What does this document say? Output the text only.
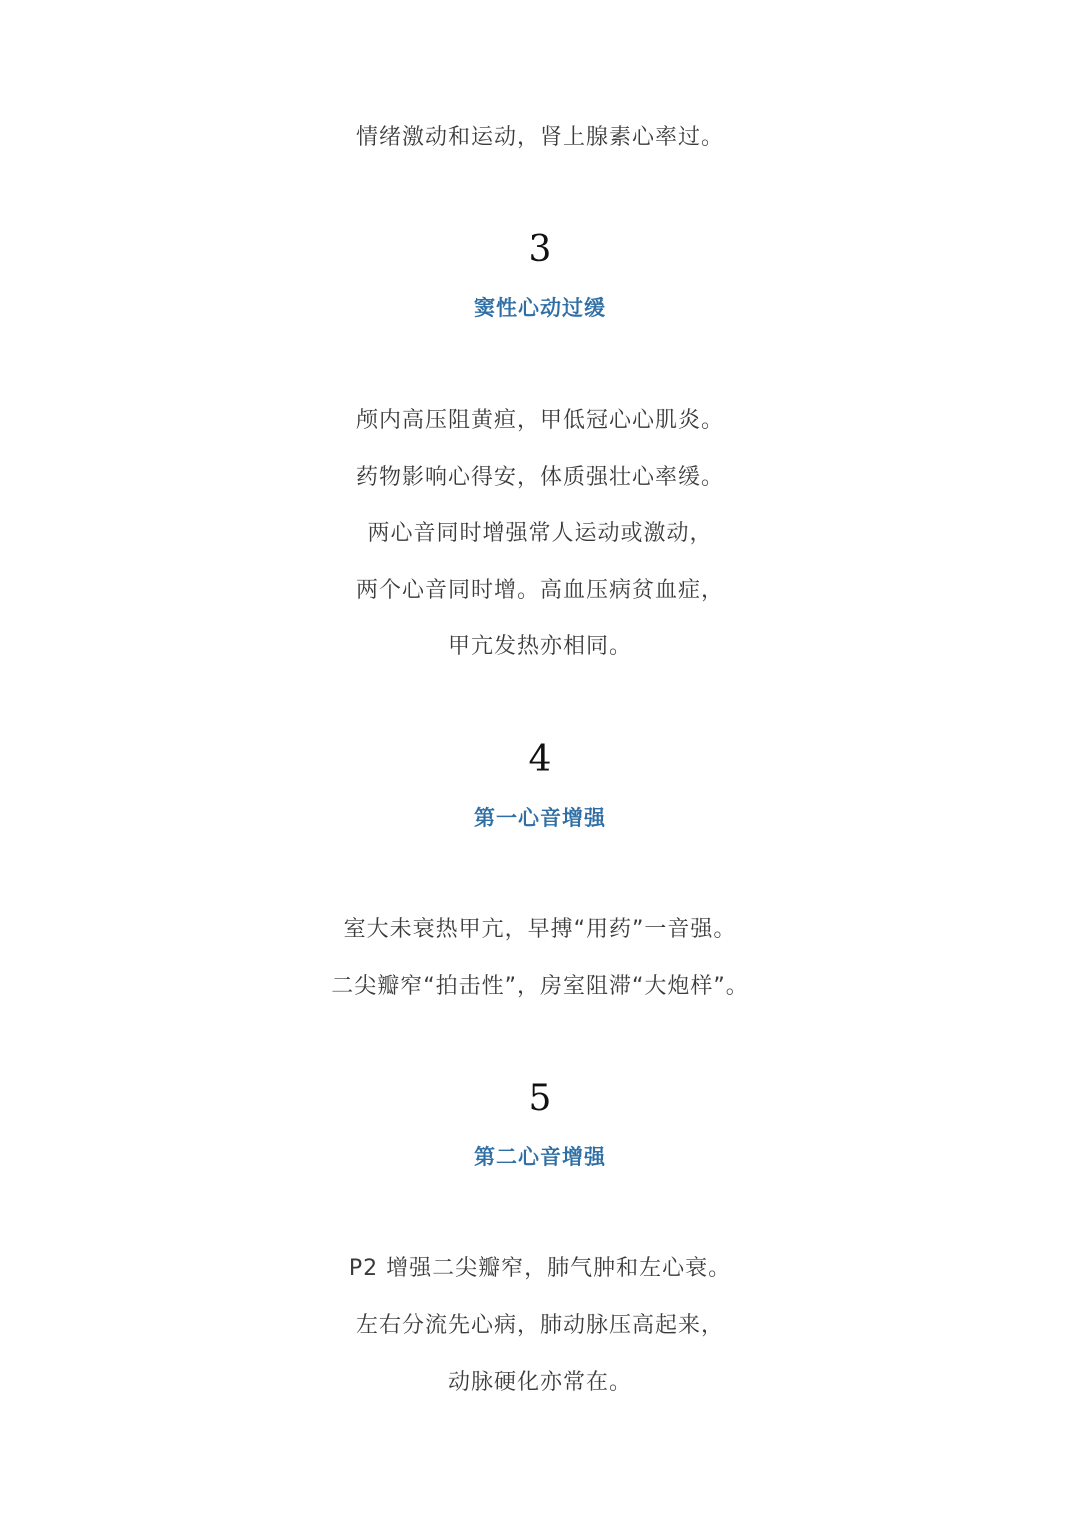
情绪激动和运动，肾上腺素心率过。
3
窦性心动过缓
颅内高压阻黄疸，甲低冠心心肌炎。
药物影响心得安，体质强壮心率缓。
两心音同时增强常人运动或激动，
两个心音同时增。高血压病贫血症，
甲亢发热亦相同。
4
第一心音增强
室大未衰热甲亢，早搏“用药”一音强。
二尖瓣窄“拍击性”，房室阻滞“大炮样”。
5
第二心音增强
P2 增强二尖瓣窄，肺气肿和左心衰。
左右分流先心病，肺动脉压高起来，
动脉硬化亦常在。
